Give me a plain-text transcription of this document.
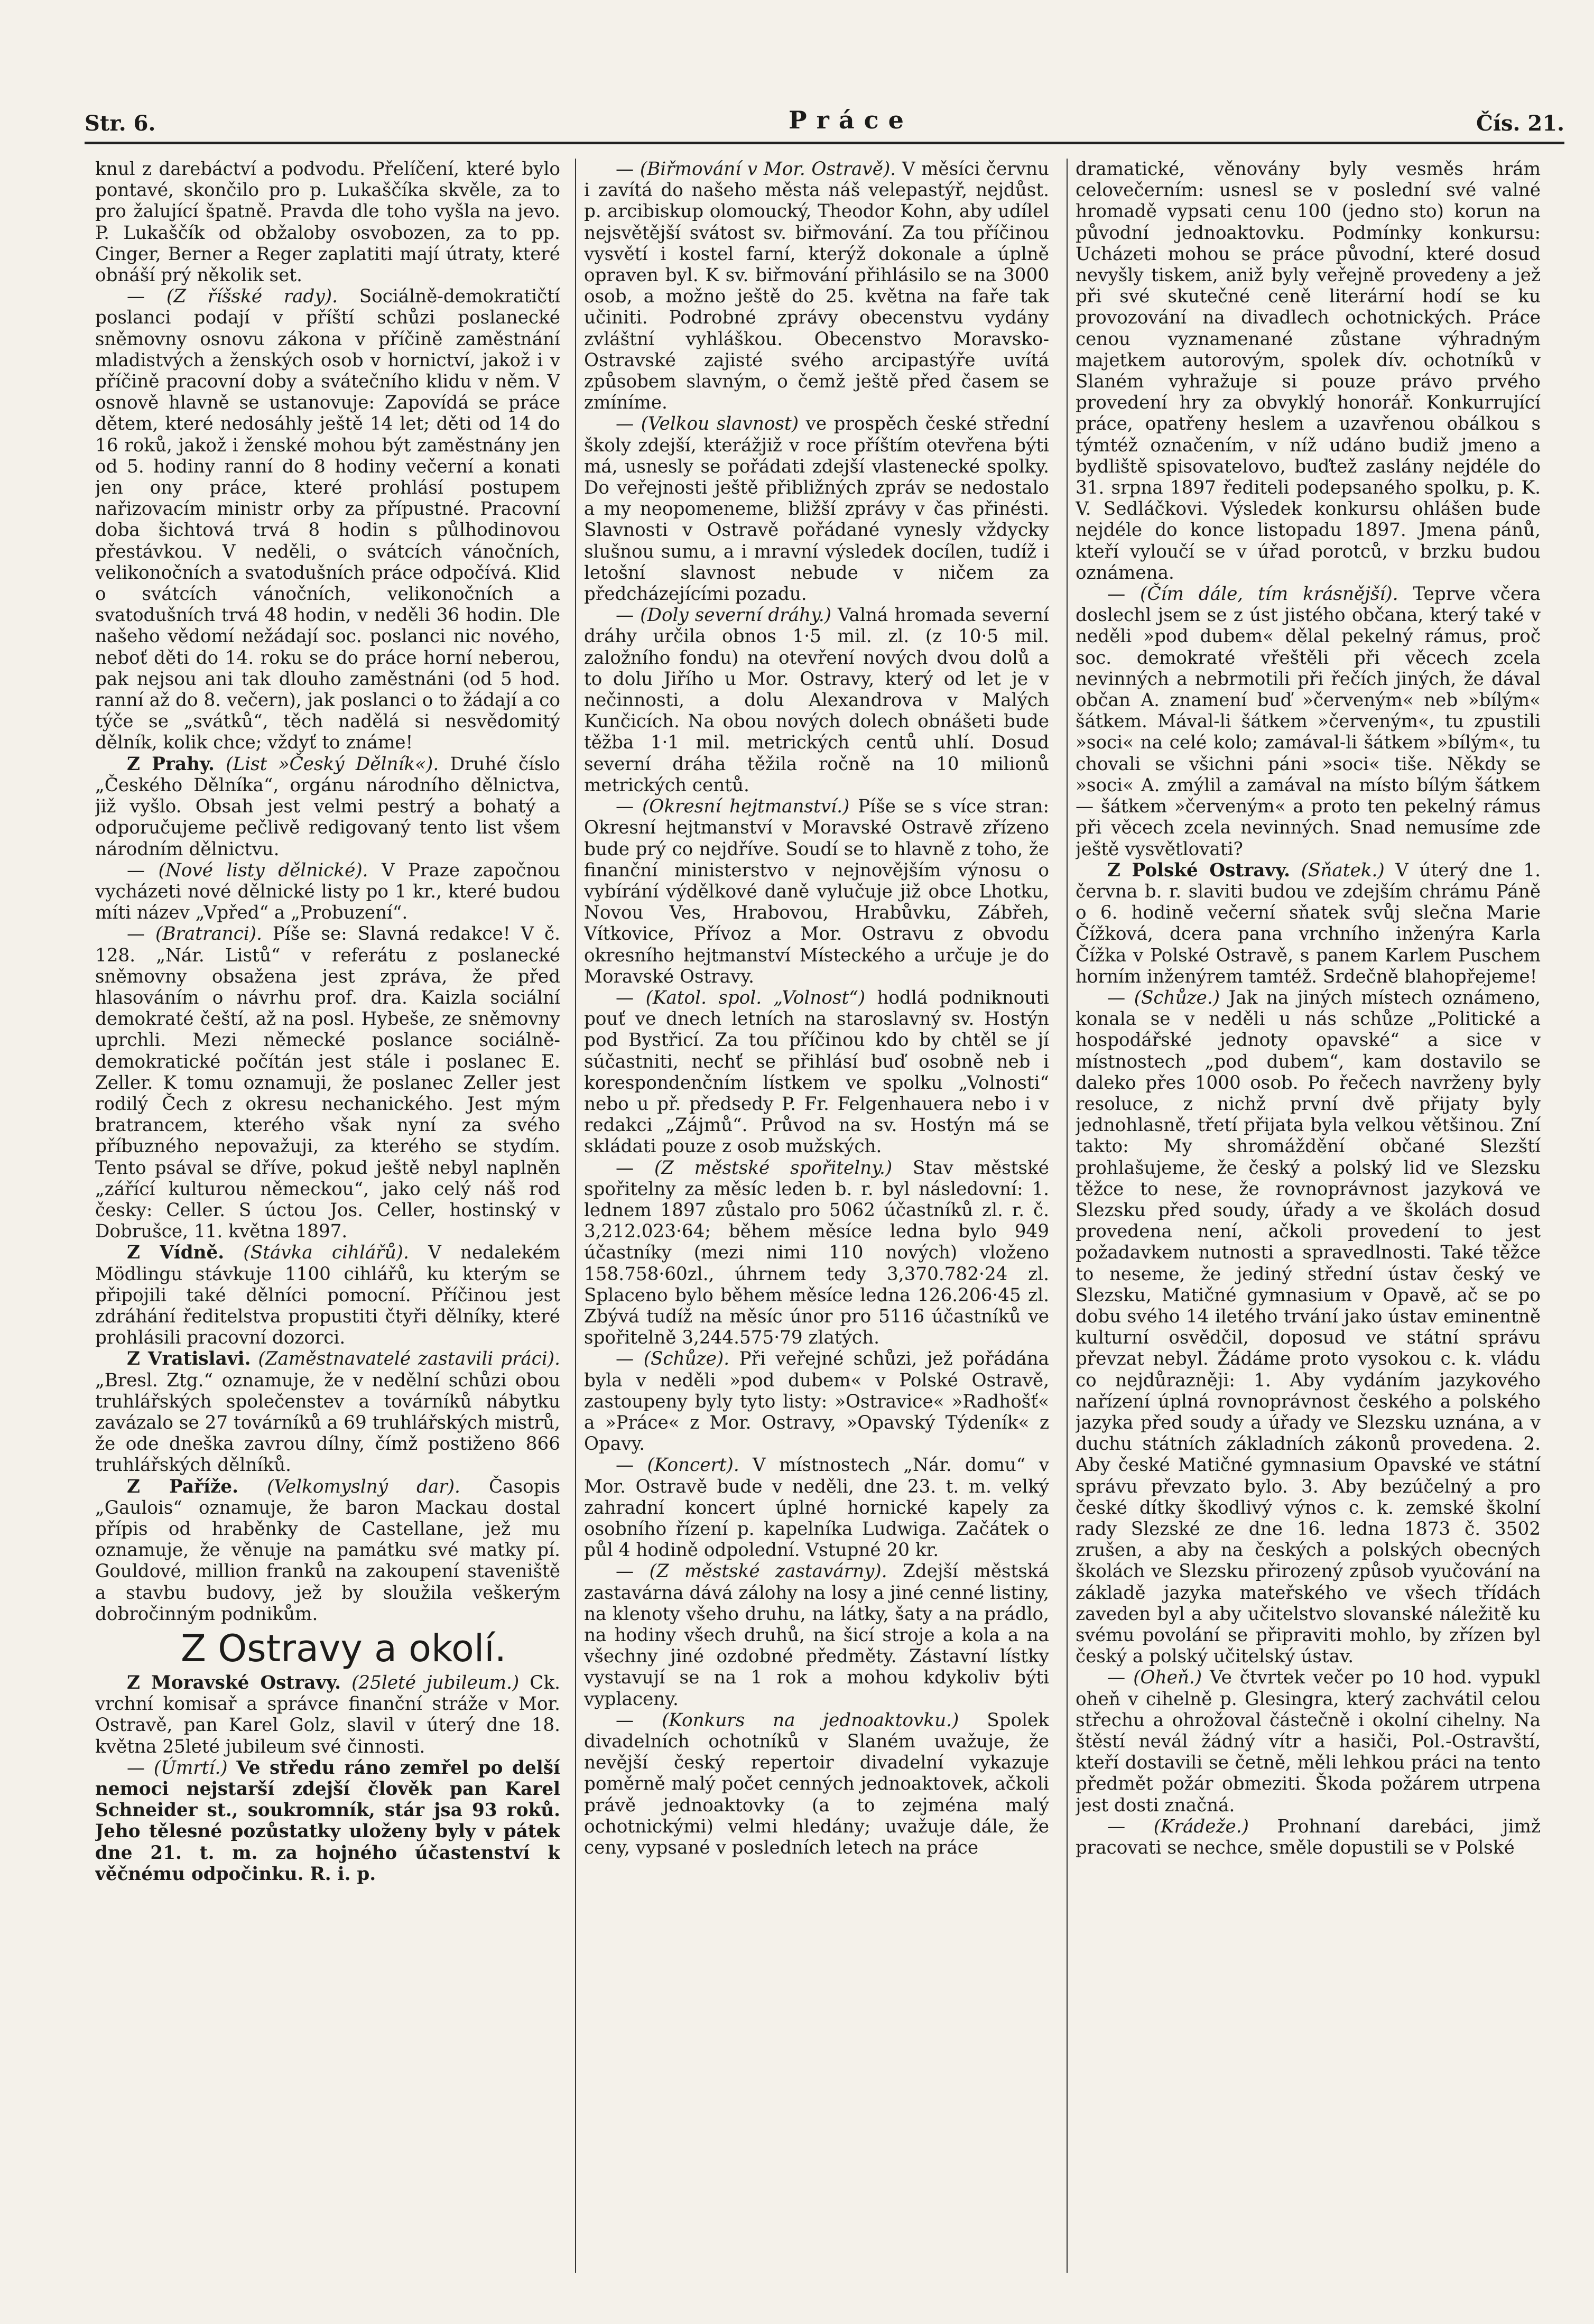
Str. 6.	Práce	Čís. 21.

knul z darebáctví a podvodu. Přelíčení, které bylo pontavé, skončilo pro p. Lukaščíka skvěle, za to pro žalující špatně. Pravda dle toho vyšla na jevo. P. Lukaščík od obžaloby osvobozen, za to pp. Cinger, Berner a Reger zaplatiti mají útraty, které obnáší prý několik set.

— (Z říšské rady). Sociálně-demokratičtí poslanci podají v příští schůzi poslanecké sněmovny osnovu zákona v příčině zaměstnání mladistvých a ženských osob v hornictví, jakož i v příčině pracovní doby a svátečního klidu v něm. V osnově hlavně se ustanovuje: Zapovídá se práce dětem, které nedosáhly ještě 14 let; děti od 14 do 16 roků, jakož i ženské mohou být zaměstnány jen od 5. hodiny ranní do 8 hodiny večerní a konati jen ony práce, které prohlásí postupem nařizovacím ministr orby za přípustné. Pracovní doba šichtová trvá 8 hodin s půlhodinovou přestávkou. V neděli, o svátcích vánočních, velikonočních a svatodušních práce odpočívá. Klid o svátcích vánočních, velikonočních a svatodušních trvá 48 hodin, v neděli 36 hodin. Dle našeho vědomí nežádají soc. poslanci nic nového, neboť děti do 14. roku se do práce horní neberou, pak nejsou ani tak dlouho zaměstnáni (od 5 hod. ranní až do 8. večern), jak poslanci o to žádají a co týče se „svátků“, těch nadělá si nesvědomitý dělník, kolik chce; vždyť to známe!

Z Prahy. (List »Český Dělník«). Druhé číslo „Českého Dělníka“, orgánu národního dělnictva, již vyšlo. Obsah jest velmi pestrý a bohatý a odporučujeme pečlivě redigovaný tento list všem národním dělnictvu.

— (Nové listy dělnické). V Praze započnou vycházeti nové dělnické listy po 1 kr., které budou míti název „Vpřed“ a „Probuzení“.

— (Bratranci). Píše se: Slavná redakce! V č. 128. „Nár. Listů“ v referátu z poslanecké sněmovny obsažena jest zpráva, že před hlasováním o návrhu prof. dra. Kaizla sociální demokraté čeští, až na posl. Hybeše, ze sněmovny uprchli. Mezi německé poslance sociálně-demokratické počítán jest stále i poslanec E. Zeller. K tomu oznamuji, že poslanec Zeller jest rodilý Čech z okresu nechanického. Jest mým bratrancem, kterého však nyní za svého příbuzného nepovažuji, za kterého se stydím. Tento psával se dříve, pokud ještě nebyl naplněn „zářící kulturou německou“, jako celý náš rod česky: Celler. S úctou Jos. Celler, hostinský v Dobrušce, 11. května 1897.

Z Vídně. (Stávka cihlářů). V nedalekém Mödlingu stávkuje 1100 cihlářů, ku kterým se připojili také dělníci pomocní. Příčinou jest zdráhání ředitelstva propustiti čtyři dělníky, které prohlásili pracovní dozorci.

Z Vratislavi. (Zaměstnavatelé zastavili práci). „Bresl. Ztg.“ oznamuje, že v nedělní schůzi obou truhlářských společenstev a továrníků nábytku zavázalo se 27 továrníků a 69 truhlářských mistrů, že ode dneška zavrou dílny, čímž postiženo 866 truhlářských dělníků.

Z Paříže. (Velkomyslný dar). Časopis „Gaulois“ oznamuje, že baron Mackau dostal přípis od hraběnky de Castellane, jež mu oznamuje, že věnuje na památku své matky pí. Gouldové, million franků na zakoupení staveniště a stavbu budovy, jež by sloužila veškerým dobročinným podnikům.

Z Ostravy a okolí.

Z Moravské Ostravy. (25leté jubileum.) Ck. vrchní komisař a správce finanční stráže v Mor. Ostravě, pan Karel Golz, slavil v úterý dne 18. května 25leté jubileum své činnosti.

— (Úmrtí.) Ve středu ráno zemřel po delší nemoci nejstarší zdejší člověk pan Karel Schneider st., soukromník, stár jsa 93 roků. Jeho tělesné pozůstatky uloženy byly v pátek dne 21. t. m. za hojného účastenství k věčnému odpočinku. R. i. p.

— (Biřmování v Mor. Ostravě). V měsíci červnu i zavítá do našeho města náš velepastýř, nejdůst. p. arcibiskup olomoucký, Theodor Kohn, aby udílel nejsvětější svátost sv. biřmování. Za tou příčinou vysvětí i kostel farní, kterýž dokonale a úplně opraven byl. K sv. biřmování přihlásilo se na 3000 osob, a možno ještě do 25. května na faře tak učiniti. Podrobné zprávy obecenstvu vydány zvláštní vyhláškou. Obecenstvo Moravsko-Ostravské zajisté svého arcipastýře uvítá způsobem slavným, o čemž ještě před časem se zmíníme.

— (Velkou slavnost) ve prospěch české střední školy zdejší, kterážjiž v roce příštím otevřena býti má, usnesly se pořádati zdejší vlastenecké spolky. Do veřejnosti ještě přibližných zpráv se nedostalo a my neopomeneme, bližší zprávy v čas přinésti. Slavnosti v Ostravě pořádané vynesly vždycky slušnou sumu, a i mravní výsledek docílen, tudíž i letošní slavnost nebude v ničem za předcházejícími pozadu.

— (Doly severní dráhy.) Valná hromada severní dráhy určila obnos 1·5 mil. zl. (z 10·5 mil. založního fondu) na otevření nových dvou dolů a to dolu Jiřího u Mor. Ostravy, který od let je v nečinnosti, a dolu Alexandrova v Malých Kunčicích. Na obou nových dolech obnášeti bude těžba 1·1 mil. metrických centů uhlí. Dosud severní dráha těžila ročně na 10 milionů metrických centů.

— (Okresní hejtmanství.) Píše se s více stran: Okresní hejtmanství v Moravské Ostravě zřízeno bude prý co nejdříve. Soudí se to hlavně z toho, že finanční ministerstvo v nejnovějším výnosu o vybírání výdělkové daně vylučuje již obce Lhotku, Novou Ves, Hrabovou, Hrabůvku, Zábřeh, Vítkovice, Přívoz a Mor. Ostravu z obvodu okresního hejtmanství Místeckého a určuje je do Moravské Ostravy.

— (Katol. spol. „Volnost“) hodlá podniknouti pouť ve dnech letních na staroslavný sv. Hostýn pod Bystřicí. Za tou příčinou kdo by chtěl se jí súčastniti, nechť se přihlásí buď osobně neb i korespondenčním lístkem ve spolku „Volnosti“ nebo u př. předsedy P. Fr. Felgenhauera nebo i v redakci „Zájmů“. Průvod na sv. Hostýn má se skládati pouze z osob mužských.

— (Z městské spořitelny.) Stav městské spořitelny za měsíc leden b. r. byl následovní: 1. lednem 1897 zůstalo pro 5062 účastníků zl. r. č. 3,212.023·64; během měsíce ledna bylo 949 účastníky (mezi nimi 110 nových) vloženo 158.758·60zl., úhrnem tedy 3,370.782·24 zl. Splaceno bylo během měsíce ledna 126.206·45 zl. Zbývá tudíž na měsíc únor pro 5116 účastníků ve spořitelně 3,244.575·79 zlatých.

— (Schůze). Při veřejné schůzi, jež pořádána byla v neděli »pod dubem« v Polské Ostravě, zastoupeny byly tyto listy: »Ostravice« »Radhošť« a »Práce« z Mor. Ostravy, »Opavský Týdeník« z Opavy.

— (Koncert). V místnostech „Nár. domu“ v Mor. Ostravě bude v neděli, dne 23. t. m. velký zahradní koncert úplné hornické kapely za osobního řízení p. kapelníka Ludwiga. Začátek o půl 4 hodině odpolední. Vstupné 20 kr.

— (Z městské zastavárny). Zdejší městská zastavárna dává zálohy na losy a jiné cenné listiny, na klenoty všeho druhu, na látky, šaty a na prádlo, na hodiny všech druhů, na šicí stroje a kola a na všechny jiné ozdobné předměty. Zástavní lístky vystavují se na 1 rok a mohou kdykoliv býti vyplaceny.

— (Konkurs na jednoaktovku.) Spolek divadelních ochotníků v Slaném uvažuje, že nevější český repertoir divadelní vykazuje poměrně malý počet cenných jednoaktovek, ačkoli právě jednoaktovky (a to zejména malý ochotnickými) velmi hledány; uvažuje dále, že ceny, vypsané v posledních letech na práce

dramatické, věnovány byly vesměs hrám celovečerním: usnesl se v poslední své valné hromadě vypsati cenu 100 (jedno sto) korun na původní jednoaktovku. Podmínky konkursu: Ucházeti mohou se práce původní, které dosud nevyšly tiskem, aniž byly veřejně provedeny a jež při své skutečné ceně literární hodí se ku provozování na divadlech ochotnických. Práce cenou vyznamenané zůstane výhradným majetkem autorovým, spolek dív. ochotníků v Slaném vyhražuje si pouze právo prvého provedení hry za obvyklý honorář. Konkurrující práce, opatřeny heslem a uzavřenou obálkou s týmtéž označením, v níž udáno budiž jmeno a bydliště spisovatelovo, buďtež zaslány nejdéle do 31. srpna 1897 řediteli podepsaného spolku, p. K. V. Sedláčkovi. Výsledek konkursu ohlášen bude nejdéle do konce listopadu 1897. Jmena pánů, kteří vyloučí se v úřad porotců, v brzku budou oznámena.

— (Čím dále, tím krásnější). Teprve včera doslechl jsem se z úst jistého občana, který také v neděli »pod dubem« dělal pekelný rámus, proč soc. demokraté vřeštěli při věcech zcela nevinných a nebrmotili při řečích jiných, že dával občan A. znamení buď »červeným« neb »bílým« šátkem. Mával-li šátkem »červeným«, tu zpustili »soci« na celé kolo; zamával-li šátkem »bílým«, tu chovali se všichni páni »soci« tiše. Někdy se »soci« A. zmýlil a zamával na místo bílým šátkem — šátkem »červeným« a proto ten pekelný rámus při věcech zcela nevinných. Snad nemusíme zde ještě vysvětlovati?

Z Polské Ostravy. (Sňatek.) V úterý dne 1. června b. r. slaviti budou ve zdejším chrámu Páně o 6. hodině večerní sňatek svůj slečna Marie Čížková, dcera pana vrchního inženýra Karla Čížka v Polské Ostravě, s panem Karlem Puschem horním inženýrem tamtéž. Srdečně blahopřejeme!

— (Schůze.) Jak na jiných místech oznámeno, konala se v neděli u nás schůze „Politické a hospodářské jednoty opavské“ a sice v místnostech „pod dubem“, kam dostavilo se daleko přes 1000 osob. Po řečech navrženy byly resoluce, z nichž první dvě přijaty byly jednohlasně, třetí přijata byla velkou většinou. Zní takto: My shromáždění občané Slezští prohlašujeme, že český a polský lid ve Slezsku těžce to nese, že rovnoprávnost jazyková ve Slezsku před soudy, úřady a ve školách dosud provedena není, ačkoli provedení to jest požadavkem nutnosti a spravedlnosti. Také těžce to neseme, že jediný střední ústav český ve Slezsku, Matičné gymnasium v Opavě, ač se po dobu svého 14 iletého trvání jako ústav eminentně kulturní osvědčil, doposud ve státní správu převzat nebyl. Žádáme proto vysokou c. k. vládu co nejdůrazněji: 1. Aby vydáním jazykového nařízení úplná rovnoprávnost českého a polského jazyka před soudy a úřady ve Slezsku uznána, a v duchu státních základních zákonů provedena. 2. Aby české Matičné gymnasium Opavské ve státní správu převzato bylo. 3. Aby bezúčelný a pro české dítky škodlivý výnos c. k. zemské školní rady Slezské ze dne 16. ledna 1873 č. 3502 zrušen, a aby na českých a polských obecných školách ve Slezsku přirozený způsob vyučování na základě jazyka mateřského ve všech třídách zaveden byl a aby učitelstvo slovanské náležitě ku svému povolání se připraviti mohlo, by zřízen byl český a polský učitelský ústav.

— (Oheň.) Ve čtvrtek večer po 10 hod. vypukl oheň v cihelně p. Glesingra, který zachvátil celou střechu a ohrožoval částečně i okolní cihelny. Na štěstí nevál žádný vítr a hasiči, Pol.-Ostravští, kteří dostavili se četně, měli lehkou práci na tento předmět požár obmeziti. Škoda požárem utrpena jest dosti značná.

— (Krádeže.) Prohnaní darebáci, jimž pracovati se nechce, směle dopustili se v Polské
